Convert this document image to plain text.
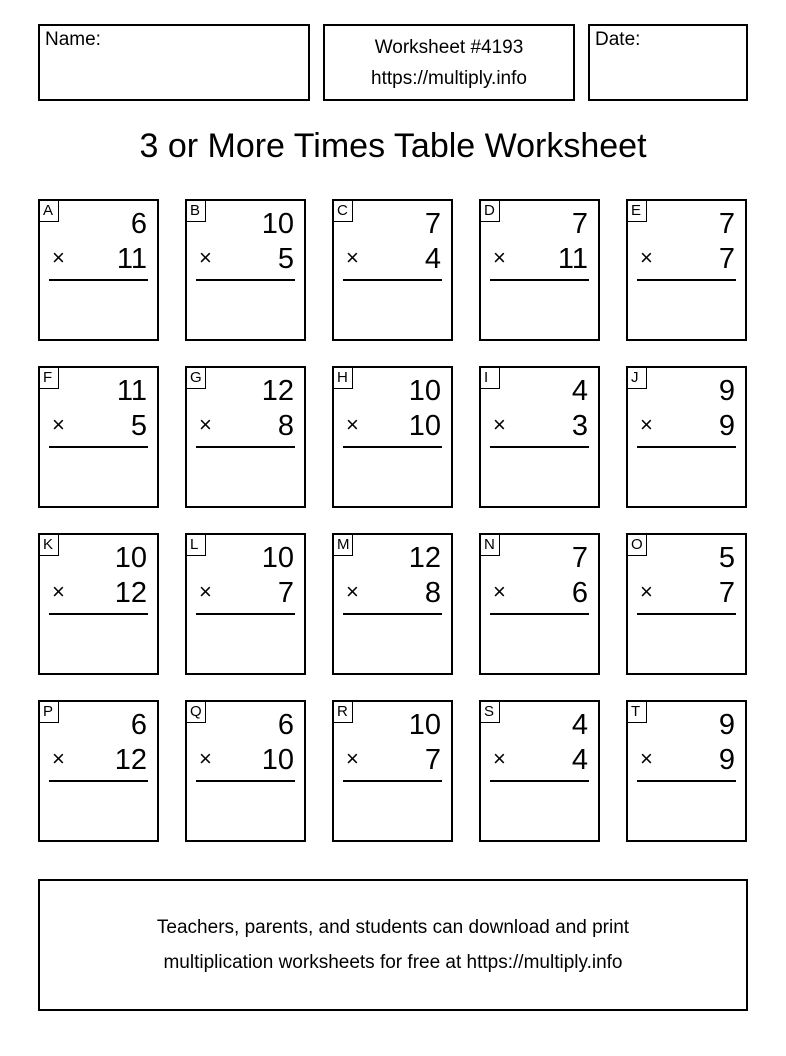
Name:	Worksheet #4193
https://multiply.info
Date:
3 or More Times Table Worksheet
A	6
× 11
B 10
× 5
C	7
× 4
D	7
× 11
E	7
× 7
F 11
× 5
G 12
× 8
H 10
× 10
I	4
× 3
J	9
× 9
K 10
× 12
L 10
× 7
M 12
× 8
N	7
× 6
O	5
× 7
P	6
× 12
Q	6
× 10
R 10
× 7
S	4
× 4
T	9
× 9
Teachers, parents, and students can download and print
multiplication worksheets for free at https://multiply.info
